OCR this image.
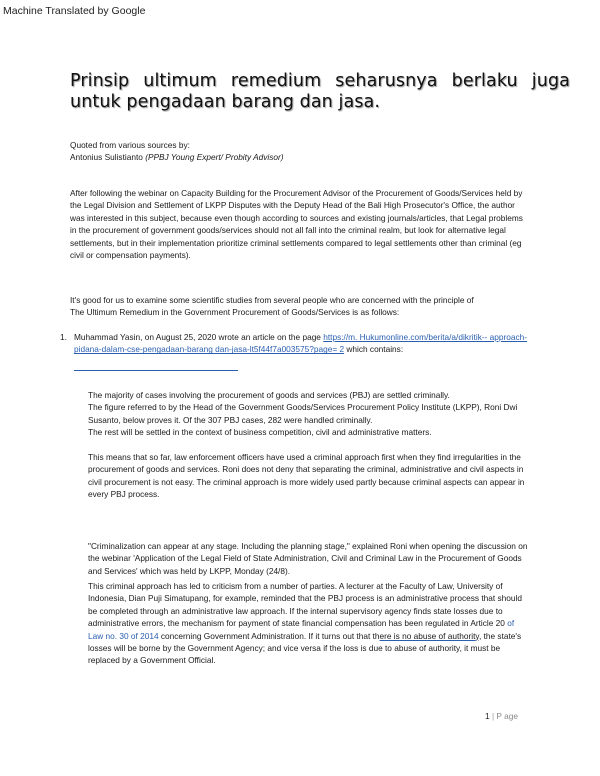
Machine Translated by Google
Prinsip ultimum remedium seharusnya berlaku juga
untuk pengadaan barang dan jasa.
Quoted from various sources by:
Antonius Sulistianto (PPBJ Young Expert/ Probity Advisor)
After following the webinar on Capacity Building for the Procurement Advisor of the Procurement of Goods/Services held by the Legal Division and Settlement of LKPP Disputes with the Deputy Head of the Bali High Prosecutor's Office, the author was interested in this subject, because even though according to sources and existing journals/articles, that Legal problems in the procurement of government goods/services should not all fall into the criminal realm, but look for alternative legal settlements, but in their implementation prioritize criminal settlements compared to legal settlements other than criminal (eg civil or compensation payments).
It's good for us to examine some scientific studies from several people who are concerned with the principle of
The Ultimum Remedium in the Government Procurement of Goods/Services is as follows:
1. Muhammad Yasin, on August 25, 2020 wrote an article on the page https://m. Hukumonline.com/berita/a/dikritik-- approach-pidana-dalam-cse-pengadaan-barang dan-jasa-lt5f44f7a003575?page= 2 which contains:
The majority of cases involving the procurement of goods and services (PBJ) are settled criminally.
The figure referred to by the Head of the Government Goods/Services Procurement Policy Institute (LKPP), Roni Dwi Susanto, below proves it. Of the 307 PBJ cases, 282 were handled criminally.
The rest will be settled in the context of business competition, civil and administrative matters.
This means that so far, law enforcement officers have used a criminal approach first when they find irregularities in the procurement of goods and services. Roni does not deny that separating the criminal, administrative and civil aspects in civil procurement is not easy. The criminal approach is more widely used partly because criminal aspects can appear in every PBJ process.
"Criminalization can appear at any stage. Including the planning stage," explained Roni when opening the discussion on the webinar 'Application of the Legal Field of State Administration, Civil and Criminal Law in the Procurement of Goods and Services' which was held by LKPP, Monday (24/8).
This criminal approach has led to criticism from a number of parties. A lecturer at the Faculty of Law, University of Indonesia, Dian Puji Simatupang, for example, reminded that the PBJ process is an administrative process that should be completed through an administrative law approach. If the internal supervisory agency finds state losses due to administrative errors, the mechanism for payment of state financial compensation has been regulated in Article 20 of Law no. 30 of 2014 concerning Government Administration. If it turns out that there is no abuse of authority, the state's losses will be borne by the Government Agency; and vice versa if the loss is due to abuse of authority, it must be replaced by a Government Official.
1 | P age
